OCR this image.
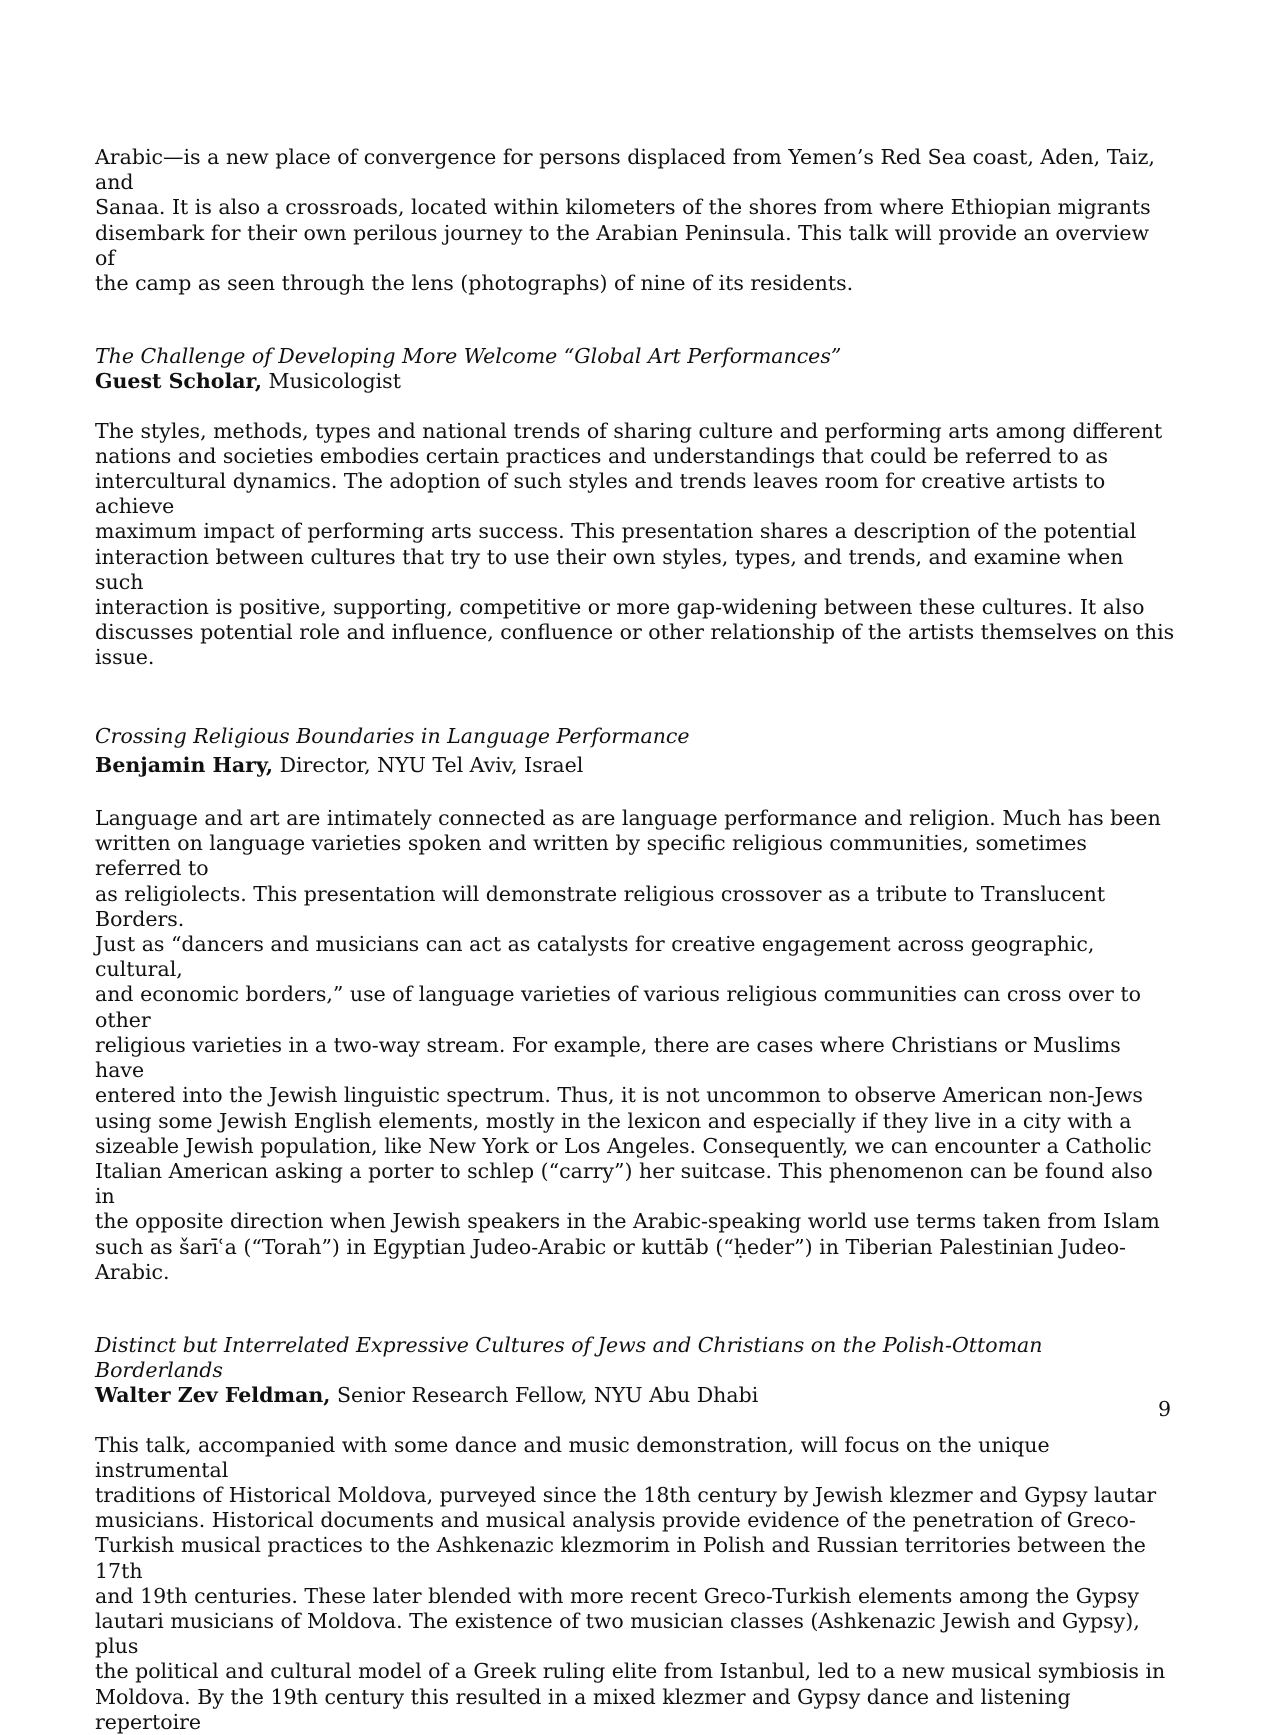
Arabic—is a new place of convergence for persons displaced from Yemen’s Red Sea coast, Aden, Taiz, and

Sanaa. It is also a crossroads, located within kilometers of the shores from where Ethiopian migrants

disembark for their own perilous journey to the Arabian Peninsula. This talk will provide an overview of

the camp as seen through the lens (photographs) of nine of its residents.

The Challenge of Developing More Welcome “Global Art Performances”

Guest Scholar, Musicologist

The styles, methods, types and national trends of sharing culture and performing arts among different

nations and societies embodies certain practices and understandings that could be referred to as

intercultural dynamics. The adoption of such styles and trends leaves room for creative artists to achieve

maximum impact of performing arts success. This presentation shares a description of the potential

interaction between cultures that try to use their own styles, types, and trends, and examine when such

interaction is positive, supporting, competitive or more gap-widening between these cultures. It also

discusses potential role and influence, confluence or other relationship of the artists themselves on this

issue.

Crossing Religious Boundaries in Language Performance

Benjamin Hary, Director, NYU Tel Aviv, Israel

Language and art are intimately connected as are language performance and religion. Much has been

written on language varieties spoken and written by specific religious communities, sometimes referred to

as religiolects. This presentation will demonstrate religious crossover as a tribute to Translucent Borders.

Just as “dancers and musicians can act as catalysts for creative engagement across geographic, cultural,

and economic borders,” use of language varieties of various religious communities can cross over to other

religious varieties in a two-way stream. For example, there are cases where Christians or Muslims have

entered into the Jewish linguistic spectrum. Thus, it is not uncommon to observe American non-Jews

using some Jewish English elements, mostly in the lexicon and especially if they live in a city with a

sizeable Jewish population, like New York or Los Angeles. Consequently, we can encounter a Catholic

Italian American asking a porter to schlep (“carry”) her suitcase. This phenomenon can be found also in

the opposite direction when Jewish speakers in the Arabic-speaking world use terms taken from Islam

such as šarīʿa (“Torah”) in Egyptian Judeo-Arabic or kuttāb (“ḥeder”) in Tiberian Palestinian Judeo-

Arabic.

Distinct but Interrelated Expressive Cultures of Jews and Christians on the Polish-Ottoman Borderlands

Walter Zev Feldman, Senior Research Fellow, NYU Abu Dhabi

This talk, accompanied with some dance and music demonstration, will focus on the unique instrumental

traditions of Historical Moldova, purveyed since the 18th century by Jewish klezmer and Gypsy lautar

musicians. Historical documents and musical analysis provide evidence of the penetration of Greco-

Turkish musical practices to the Ashkenazic klezmorim in Polish and Russian territories between the 17th

and 19th centuries. These later blended with more recent Greco-Turkish elements among the Gypsy

lautari musicians of Moldova. The existence of two musician classes (Ashkenazic Jewish and Gypsy), plus

the political and cultural model of a Greek ruling elite from Istanbul, led to a new musical symbiosis in

Moldova. By the 19th century this resulted in a mixed klezmer and Gypsy dance and listening repertoire

9
